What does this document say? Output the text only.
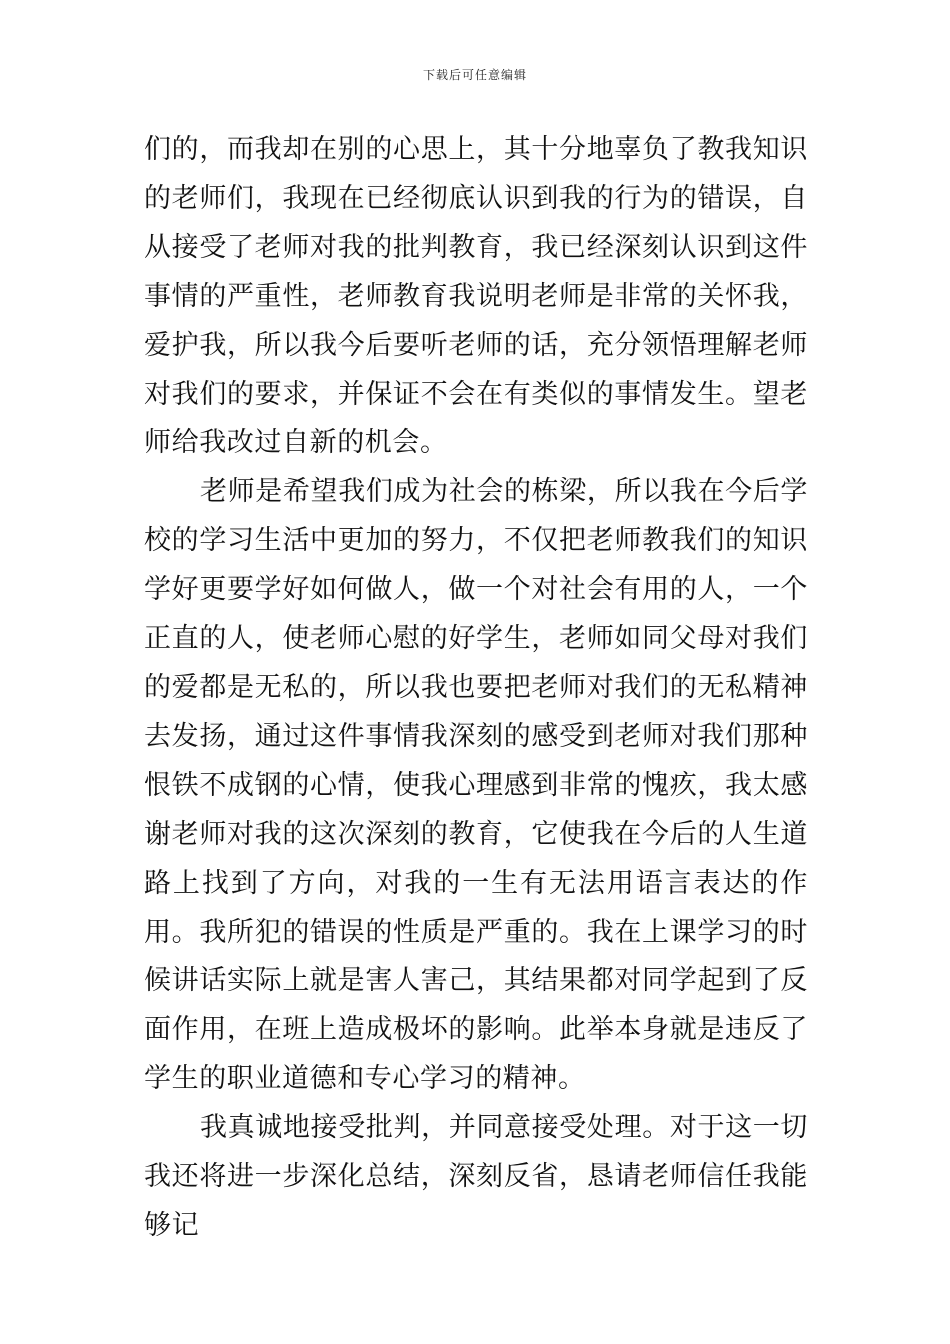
下载后可任意编辑

们的，而我却在别的心思上，其十分地辜负了教我知识的老师们，我现在已经彻底认识到我的行为的错误，自从接受了老师对我的批判教育，我已经深刻认识到这件事情的严重性，老师教育我说明老师是非常的关怀我，爱护我，所以我今后要听老师的话，充分领悟理解老师对我们的要求，并保证不会在有类似的事情发生。望老师给我改过自新的机会。

老师是希望我们成为社会的栋梁，所以我在今后学校的学习生活中更加的努力，不仅把老师教我们的知识学好更要学好如何做人，做一个对社会有用的人，一个正直的人，使老师心慰的好学生，老师如同父母对我们的爱都是无私的，所以我也要把老师对我们的无私精神去发扬，通过这件事情我深刻的感受到老师对我们那种恨铁不成钢的心情，使我心理感到非常的愧疚，我太感谢老师对我的这次深刻的教育，它使我在今后的人生道路上找到了方向，对我的一生有无法用语言表达的作用。我所犯的错误的性质是严重的。我在上课学习的时候讲话实际上就是害人害己，其结果都对同学起到了反面作用，在班上造成极坏的影响。此举本身就是违反了学生的职业道德和专心学习的精神。

我真诚地接受批判，并同意接受处理。对于这一切我还将进一步深化总结，深刻反省，恳请老师信任我能够记
